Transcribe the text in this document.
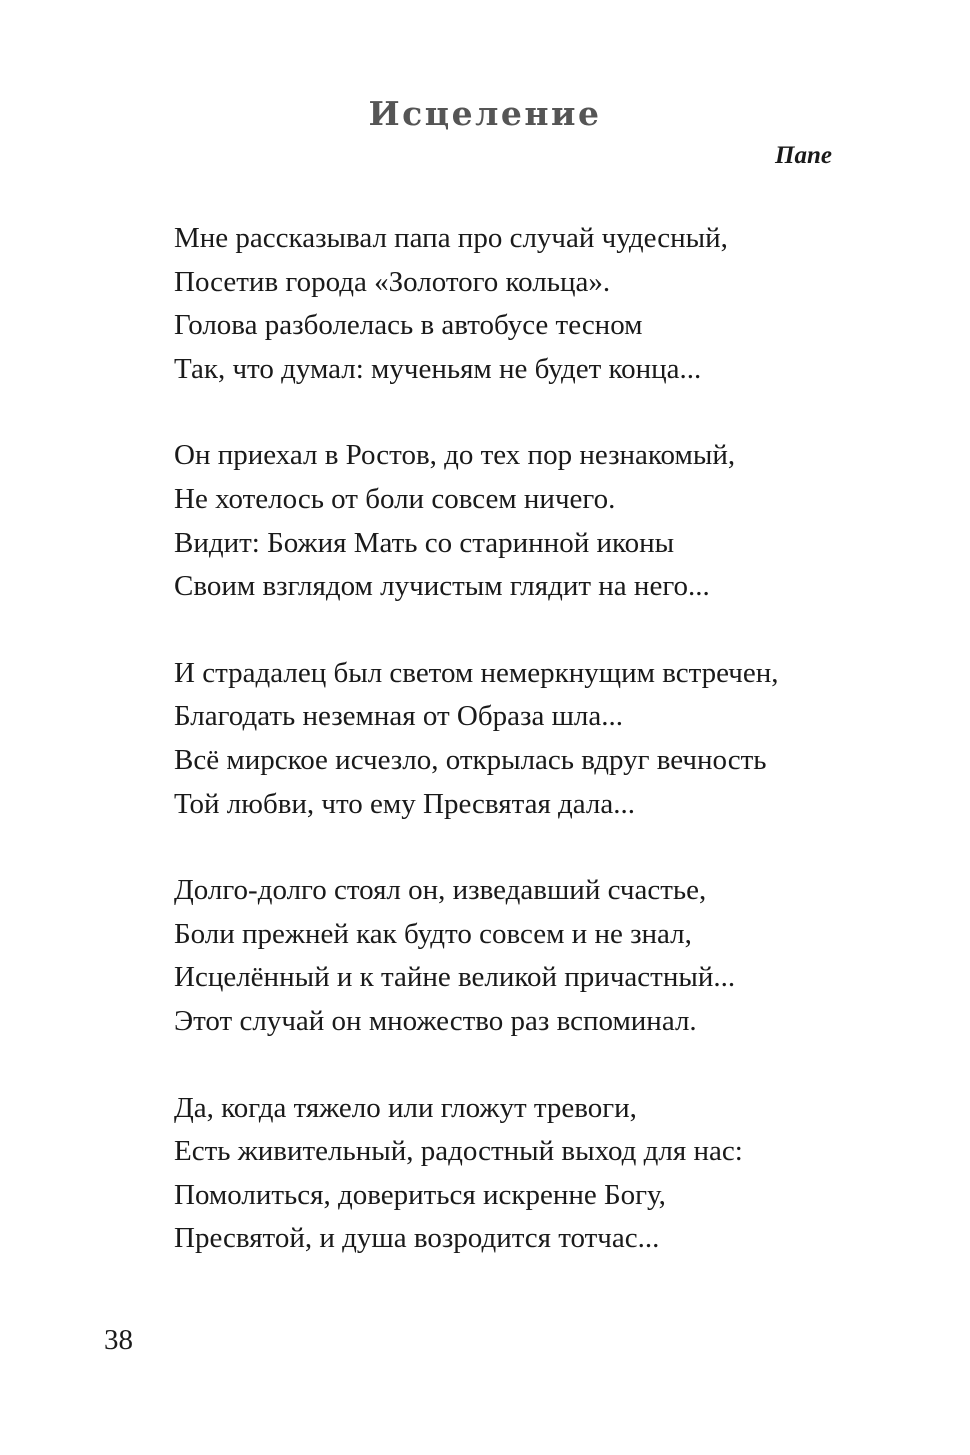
Исцеление
Папе
Мне рассказывал папа про случай чудесный,
Посетив города «Золотого кольца».
Голова разболелась в автобусе тесном
Так, что думал: мученьям не будет конца...
Он приехал в Ростов, до тех пор незнакомый,
Не хотелось от боли совсем ничего.
Видит: Божия Мать со старинной иконы
Своим взглядом лучистым глядит на него...
И страдалец был светом немеркнущим встречен,
Благодать неземная от Образа шла...
Всё мирское исчезло, открылась вдруг вечность
Той любви, что ему Пресвятая дала...
Долго-долго стоял он, изведавший счастье,
Боли прежней как будто совсем и не знал,
Исцелённый и к тайне великой причастный...
Этот случай он множество раз вспоминал.
Да, когда тяжело или гложут тревоги,
Есть живительный, радостный выход для нас:
Помолиться, довериться искренне Богу,
Пресвятой, и душа возродится тотчас...
38
